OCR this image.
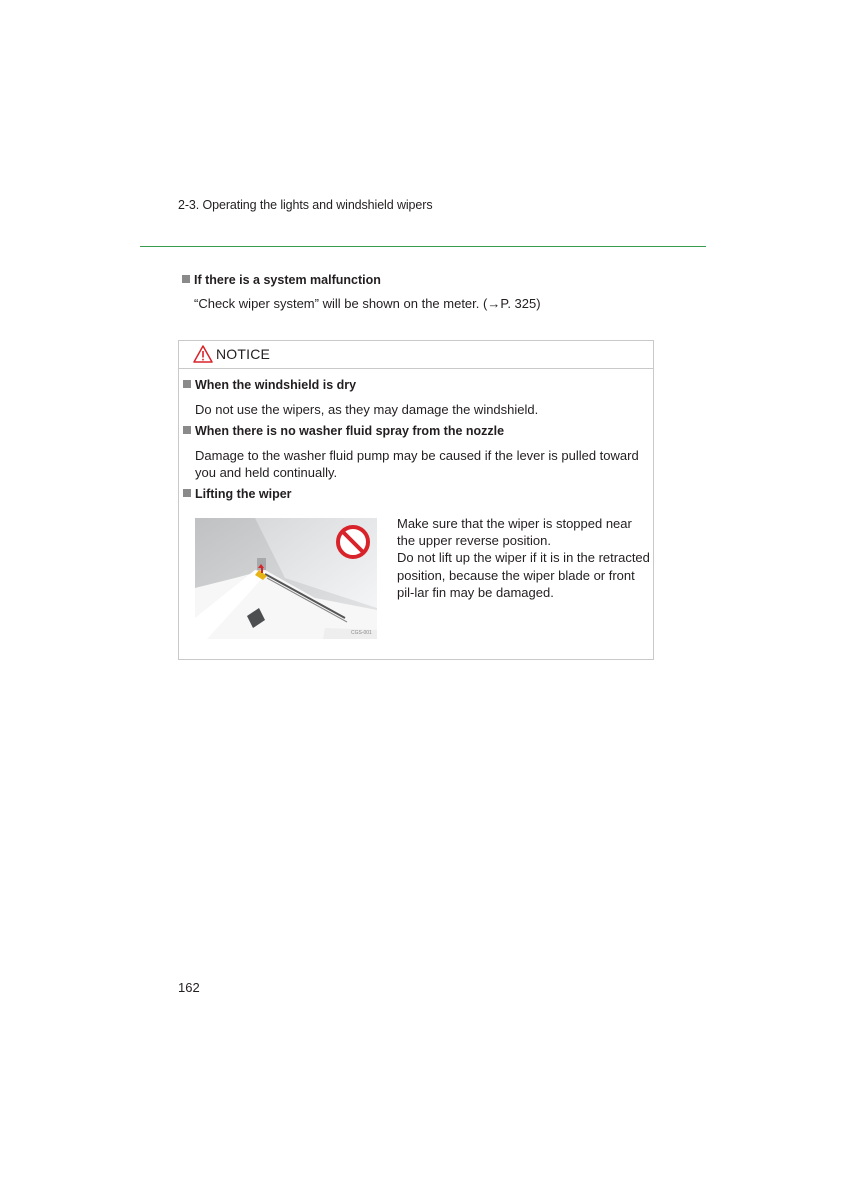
2-3. Operating the lights and windshield wipers
If there is a system malfunction
“Check wiper system” will be shown on the meter. (→P. 325)
NOTICE
When the windshield is dry
Do not use the wipers, as they may damage the windshield.
When there is no washer fluid spray from the nozzle
Damage to the washer fluid pump may be caused if the lever is pulled toward you and held continually.
Lifting the wiper
CGS-001
Make sure that the wiper is stopped near the upper reverse position.
Do not lift up the wiper if it is in the retracted position, because the wiper blade or front pil-lar fin may be damaged.
162
